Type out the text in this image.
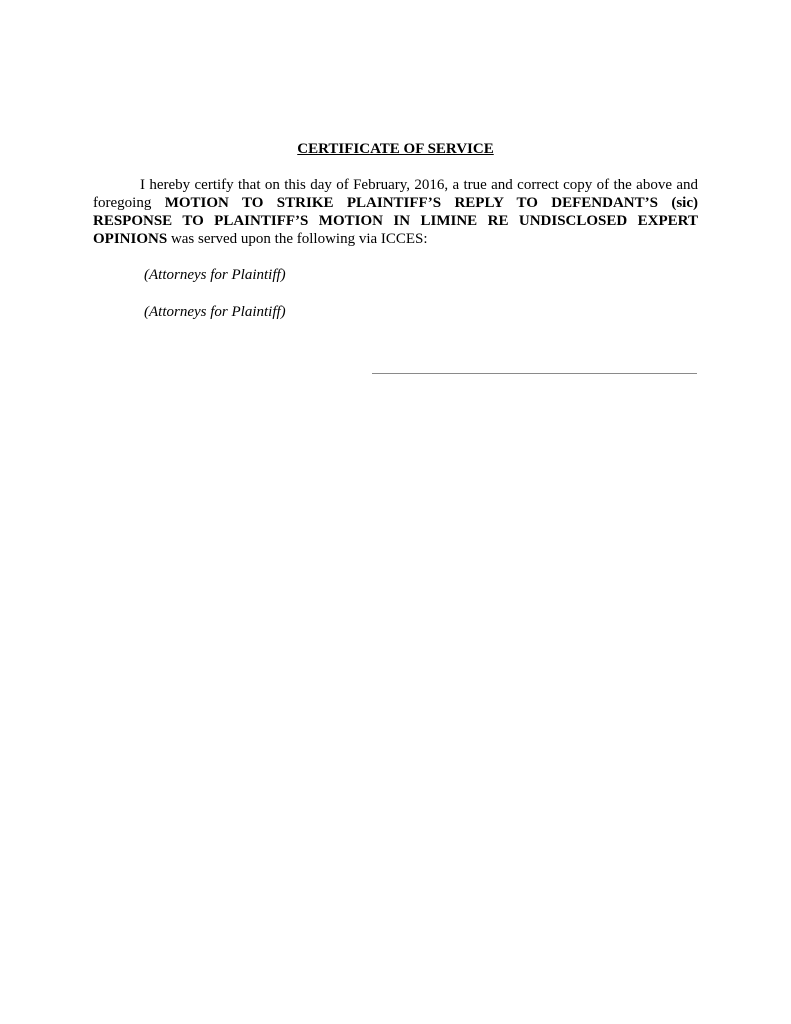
CERTIFICATE OF SERVICE

I hereby certify that on this day of February, 2016, a true and correct copy of the above and foregoing MOTION TO STRIKE PLAINTIFF’S REPLY TO DEFENDANT’S (sic) RESPONSE TO PLAINTIFF’S MOTION IN LIMINE RE UNDISCLOSED EXPERT OPINIONS was served upon the following via ICCES:

(Attorneys for Plaintiff)
(Attorneys for Plaintiff)
